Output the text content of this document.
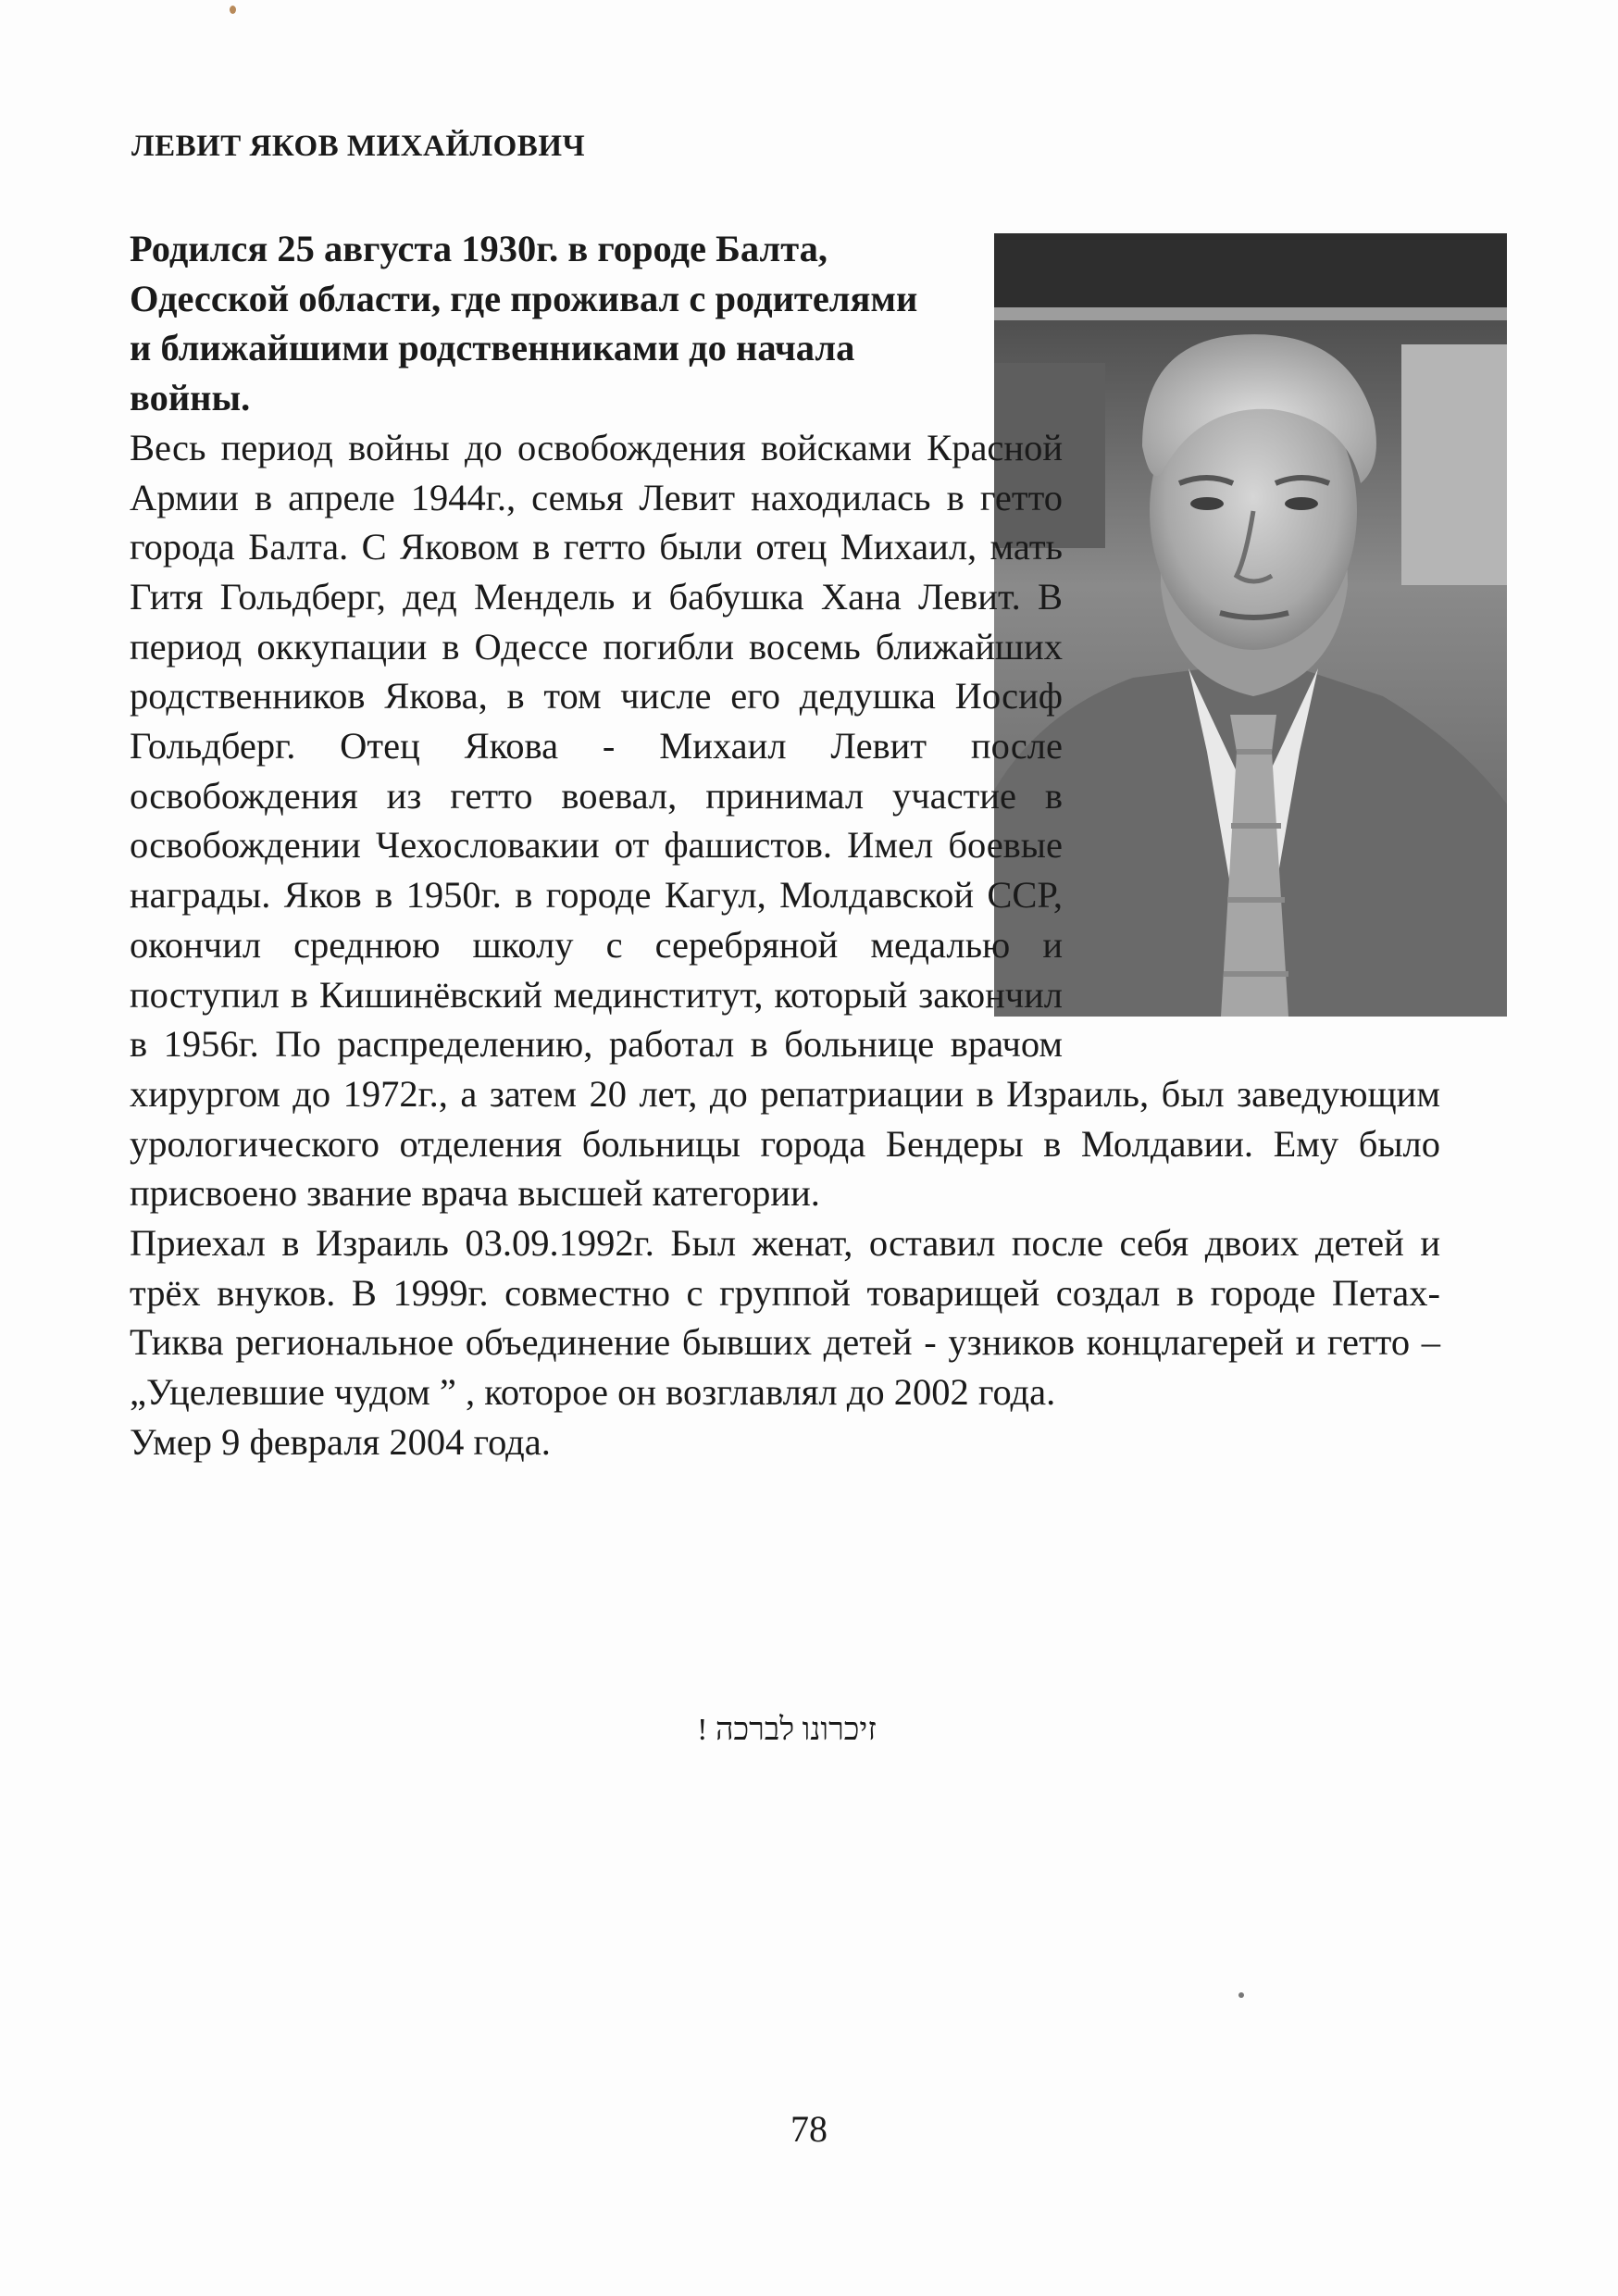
ЛЕВИТ ЯКОВ МИХАЙЛОВИЧ

Родился 25 августа 1930г. в городе Балта, Одесской области, где проживал с родителями и ближайшими родственниками до начала войны.

Весь период войны до освобождения войсками Красной Армии в апреле 1944г., семья Левит находилась в гетто города Балта. С Яковом в гетто были отец Михаил, мать Гитя Гольдберг, дед Мендель и бабушка Хана Левит. В период оккупации в Одессе погибли восемь ближайших родственников Якова, в том числе его дедушка Иосиф Гольдберг. Отец Якова - Михаил Левит после освобождения из гетто воевал, принимал участие в освобождении Чехословакии от фашистов. Имел боевые награды. Яков в 1950г. в городе Кагул, Молдавской ССР, окончил среднюю школу с серебряной медалью и поступил в Кишинёвский мединститут, который закончил в 1956г. По распределению, работал в больнице врачом хирургом до 1972г., а затем 20 лет, до репатриации в Израиль, был заведующим урологического отделения больницы города Бендеры в Молдавии. Ему было присвоено звание врача высшей категории.

Приехал в Израиль 03.09.1992г. Был женат, оставил после себя двоих детей и трёх внуков. В 1999г. совместно с группой товарищей создал в городе Петах-Тиква региональное объединение бывших детей - узников концлагерей и гетто – „Уцелевшие чудом ” , которое он возглавлял до 2002 года.

Умер 9 февраля 2004 года.

זיכרונו לברכה !

78
